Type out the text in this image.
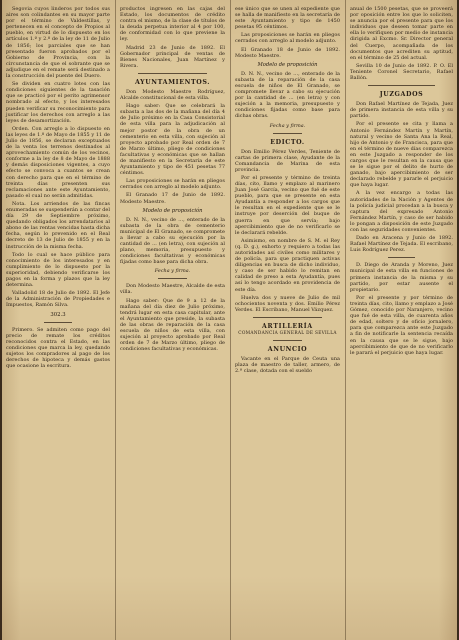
Segovia cuyos linderos por todos sus aires son colindantes en su mayor parte por el término de Valdestillas, y pertenecen en el concepto de Propios al pueblo, en virtud de lo dispuesto en los artículos 1.º y 2.º de la ley de 11 de Julio de 1856; los parciales que se han presentado fueron aprobados por el Gobierno de Provincia, con la circunstancia de que el sobrante que se adjudique en el remate será destinado a la construcción del puente del Duero.

Se dividen en cuatro lotes con las condiciones siguientes de la tasación que se practicó por el perito agrimensor nombrado al efecto, y los interesados pueden verificar su reconocimiento para justificar los derechos con arreglo a las leyes de desamortización.

Orden. Con arreglo a lo dispuesto en las leyes de 1.º de Mayo de 1855 y 11 de Julio de 1856, se declaran exceptuados de la venta los terrenos destinados al aprovechamiento común de los vecinos, conforme a la ley de 8 de Mayo de 1888 y demás disposiciones vigentes, a cuyo efecto se convoca a cuantos se crean con derecho para que en el término de treinta días presenten sus reclamaciones ante este Ayuntamiento, pasado el cual no serán admitidas.

Nota. Los arriendos de las fincas enumeradas se suspenderán a contar del día 29 de Septiembre próximo, quedando obligados los arrendatarios al abono de las rentas vencidas hasta dicha fecha, según lo prevenido en el Real decreto de 13 de Julio de 1855 y en la instrucción de la misma fecha.

Todo lo cual se hace público para conocimiento de los interesados y en cumplimiento de lo dispuesto por la superioridad, debiendo verificarse los pagos en la forma y plazos que la ley determina.

Valladolid 18 de Julio de 1892. El Jefe de la Administración de Propiedades e Impuestos, Ramón Silva.

302.3

Primero. Se admiten como pago del precio de remate los créditos reconocidos contra el Estado, en las condiciones que marca la ley, quedando sujetos los compradores al pago de los derechos de hipoteca y demás gastos que ocasione la escritura.

productos ingresen en las cajas del Estado, los documentos de crédito contra el mismo, de la clase de títulos de la deuda perpetua interior al 4 por 100, de conformidad con lo que previene la ley.

Madrid 23 de Junio de 1892. El Gobernador principal de ventas de Bienes Nacionales, Juan Martínez y Rivera.

AYUNTAMIENTOS.

Don Modesto Maestre Rodríguez, Alcalde constitucional de esta villa.

Hago saber: Que se celebrará la subasta a las dos de la mañana del día 4 de Julio próximo en la Casa Consistorial de esta villa para la adjudicación al mejor postor de la obra de un cementerio en esta villa, con sujeción al proyecto aprobado por Real orden de 7 de Marzo último, pliego de condiciones facultativas y económicas que se hallan de manifiesto en la Secretaría de este Ayuntamiento y tipo de 451 pesetas 77 céntimos.

Las proposiciones se harán en pliegos cerrados con arreglo al modelo adjunto.

El Granado 17 de Junio de 1892. Modesto Maestre.

Modelo de proposición

D. N. N., vecino de ..., enterado de la subasta de la obra de cementerio municipal de El Granado, se compromete a llevar a cabo su ejecución por la cantidad de ... (en letra), con sujeción al plano, memoria, presupuesto y condiciones facultativas y económicas fijadas como base para dicha obra.

Fecha y firma.

Don Modesto Maestre, Alcalde de esta villa.

Hago saber: Que de 9 a 12 de la mañana del día diez de Julio próximo, tendrá lugar en esta casa capitular, ante el Ayuntamiento que preside, la subasta de las obras de reparación de la casa escuela de niños de esta villa, con sujeción al proyecto aprobado por Real orden de 7 de Marzo último, pliego de condiciones facultativas y económicas.

ese único que se unen al expediente que se halla de manifiesto en la secretaría de este Ayuntamiento y tipo de 1450 pesetas 95 céntimos.

Las proposiciones se harán en pliegos cerrados con arreglo al modelo adjunto.

El Granado 18 de Junio de 1892. Modesto Maestre.

Modelo de proposición

D. N. N., vecino de ..., enterado de la subasta de la reparación de la casa escuela de niños de El Granado, se compromete llevar a cabo su ejecución por la cantidad de ... (en letra) y con sujeción a la memoria, presupuesto y condiciones fijadas como base para dichas obras.

Fecha y firma.
EDICTO.

Don Emilio Pérez Verdes, Teniente de cartas de primera clase, Ayudante de la Comandancia de Marina de esta provincia.

Por el presente y término de treinta días, cito, llamo y emplazo al marinero Juan José García, vecino que fué de este pueblo, para que se presente en esta Ayudantía a responder a los cargos que le resultan en el expediente que se le instruye por deserción del buque de guerra en que servía; bajo apercibimiento que de no verificarlo se le declarará rebelde.

Asimismo, en nombre de S. M. el Rey (q. D. g.), exhorto y requiero a todas las autoridades así civiles como militares y de policía, para que practiquen activas diligencias en busca de dicho individuo, y caso de ser habido lo remitan en calidad de preso a esta Ayudantía, pues así lo tengo acordado en providencia de este día.

Huelva dos y nueve de Julio de mil ochocientos noventa y dos. Emilio Pérez Verdes. El Escribano, Manuel Vázquez.

ARTILLERÍA
COMANDANCIA GENERAL DE SEVILLA
ANUNCIO

Vacante en el Parque de Ceuta una plaza de maestro de taller, armero, de 2.ª clase, dotada con el sueldo

anual de 1500 pesetas, que se proveerá por oposición entre los que lo soliciten, se anuncia por el presente para que los individuos que deseen tomar parte en ella lo verifiquen por medio de instancia dirigida al Excmo. Sr. Director general del Cuerpo, acompañada de los documentos que acrediten su aptitud, en el término de 25 del actual.

Sevilla 10 de Junio de 1892. P. O. El Teniente Coronel Secretario, Rafael Ballón.

JUZGADOS

Don Rafael Martínez de Tejada, Juez de primera instancia de esta villa y su partido.

Por el presente se cita y llama a Antonio Fernández Martín y Martín, natural y vecino de Santa Ana la Real, hijo de Antonio y de Francisca, para que en el término de nueve días comparezca en este Juzgado a responder de los cargos que le resultan en la causa que se le sigue por el delito de hurto de ganado, bajo apercibimiento de ser declarado rebelde y pararle el perjuicio que haya lugar.

A la vez encargo a todas las autoridades de la Nación y Agentes de la policía judicial procedan a la busca y captura del expresado Antonio Fernández Martín, y caso de ser habido lo pongan a disposición de este Juzgado con las seguridades convenientes.

Dado en Aracena y Junio de 1892. Rafael Martínez de Tejada. El escribano, Luis Rodríguez Perez.

D. Diego de Aranda y Moreno, Juez municipal de esta villa en funciones de primera instancia de la misma y su partido, por estar ausente el propietario.

Por el presente y por término de treinta días, cito, llamo y emplazo a José Gómez, conocido por Naranjero, vecino que fué de esta villa, de cuarenta años de edad, soltero y de oficio jornalero, para que comparezca ante este Juzgado a fin de notificarle la sentencia recaída en la causa que se le sigue, bajo apercibimiento de que de no verificarlo le parará el perjuicio que haya lugar.
